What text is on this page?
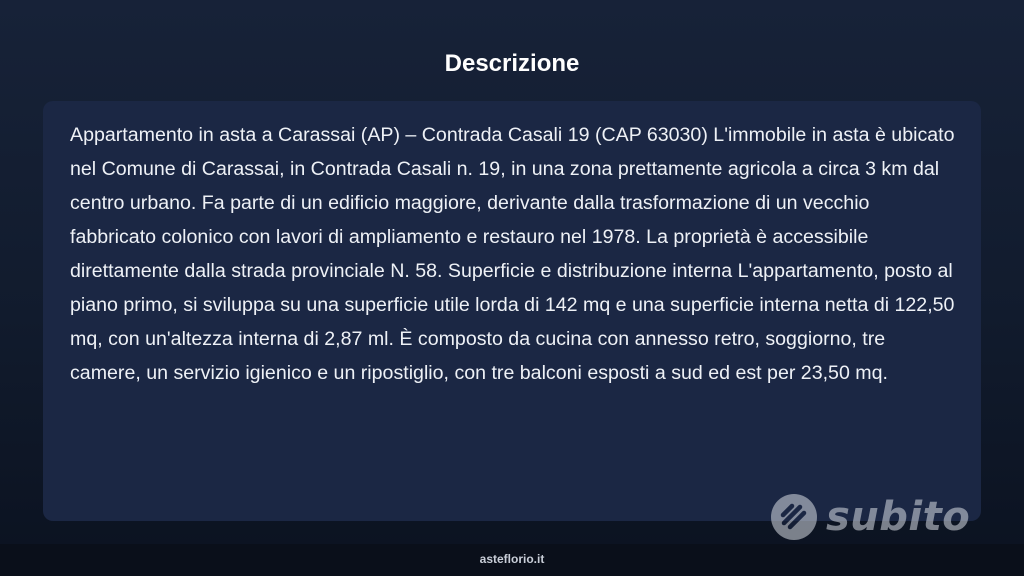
Descrizione

Appartamento in asta a Carassai (AP) – Contrada Casali 19 (CAP 63030) L'immobile in asta è ubicato nel Comune di Carassai, in Contrada Casali n. 19, in una zona prettamente agricola a circa 3 km dal centro urbano. Fa parte di un edificio maggiore, derivante dalla trasformazione di un vecchio fabbricato colonico con lavori di ampliamento e restauro nel 1978. La proprietà è accessibile direttamente dalla strada provinciale N. 58. Superficie e distribuzione interna L'appartamento, posto al piano primo, si sviluppa su una superficie utile lorda di 142 mq e una superficie interna netta di 122,50 mq, con un'altezza interna di 2,87 ml. È composto da cucina con annesso retro, soggiorno, tre camere, un servizio igienico e un ripostiglio, con tre balconi esposti a sud ed est per 23,50 mq.

subito
asteflorio.it
